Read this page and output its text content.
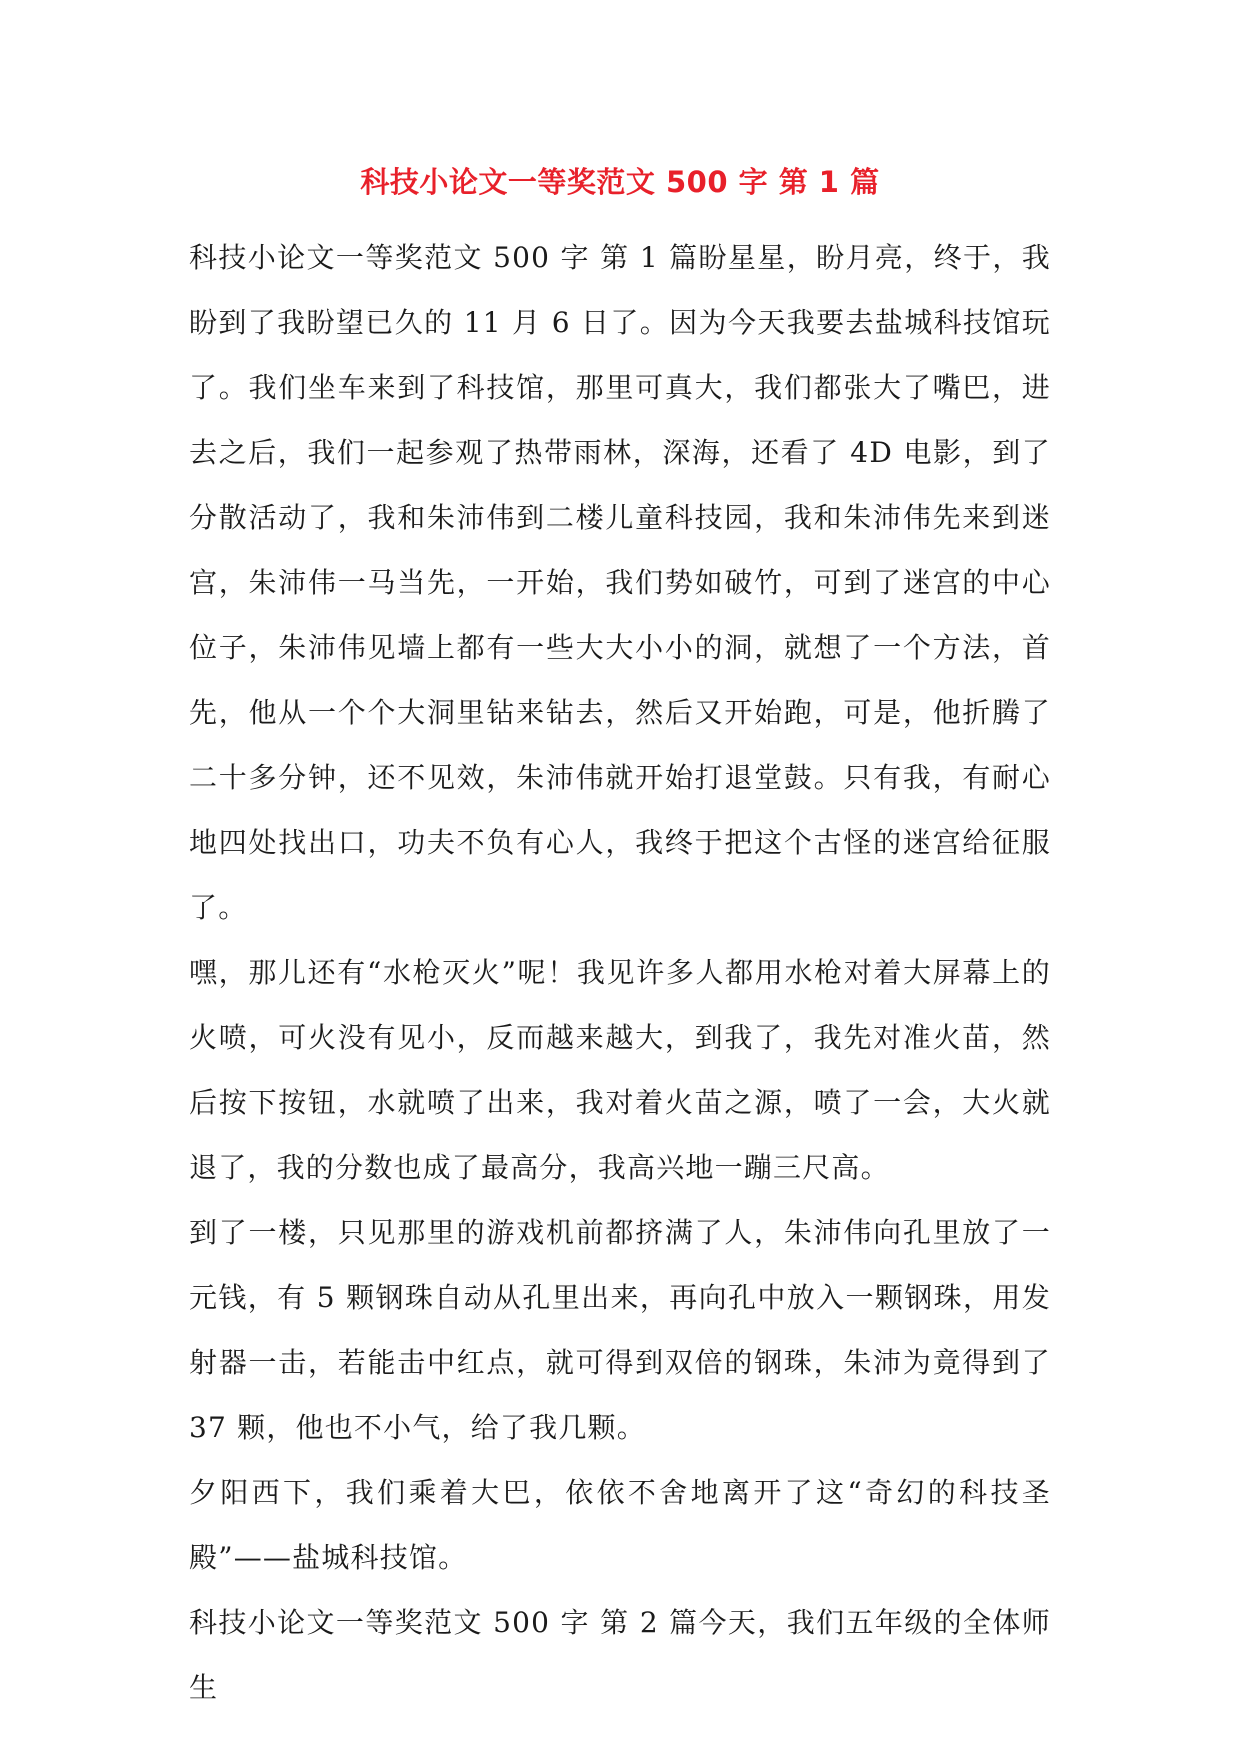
科技小论文一等奖范文 500 字 第 1 篇

科技小论文一等奖范文 500 字 第 1 篇盼星星，盼月亮，终于，我盼到了我盼望已久的 11 月 6 日了。因为今天我要去盐城科技馆玩了。我们坐车来到了科技馆，那里可真大，我们都张大了嘴巴，进去之后，我们一起参观了热带雨林，深海，还看了 4D 电影，到了分散活动了，我和朱沛伟到二楼儿童科技园，我和朱沛伟先来到迷宫，朱沛伟一马当先，一开始，我们势如破竹，可到了迷宫的中心位子，朱沛伟见墙上都有一些大大小小的洞，就想了一个方法，首先，他从一个个大洞里钻来钻去，然后又开始跑，可是，他折腾了二十多分钟，还不见效，朱沛伟就开始打退堂鼓。只有我，有耐心地四处找出口，功夫不负有心人，我终于把这个古怪的迷宫给征服了。

嘿，那儿还有“水枪灭火”呢！我见许多人都用水枪对着大屏幕上的火喷，可火没有见小，反而越来越大，到我了，我先对准火苗，然后按下按钮，水就喷了出来，我对着火苗之源，喷了一会，大火就退了，我的分数也成了最高分，我高兴地一蹦三尺高。

到了一楼，只见那里的游戏机前都挤满了人，朱沛伟向孔里放了一元钱，有 5 颗钢珠自动从孔里出来，再向孔中放入一颗钢珠，用发射器一击，若能击中红点，就可得到双倍的钢珠，朱沛为竟得到了 37 颗，他也不小气，给了我几颗。

夕阳西下，我们乘着大巴，依依不舍地离开了这“奇幻的科技圣殿”——盐城科技馆。

科技小论文一等奖范文 500 字 第 2 篇今天，我们五年级的全体师生
